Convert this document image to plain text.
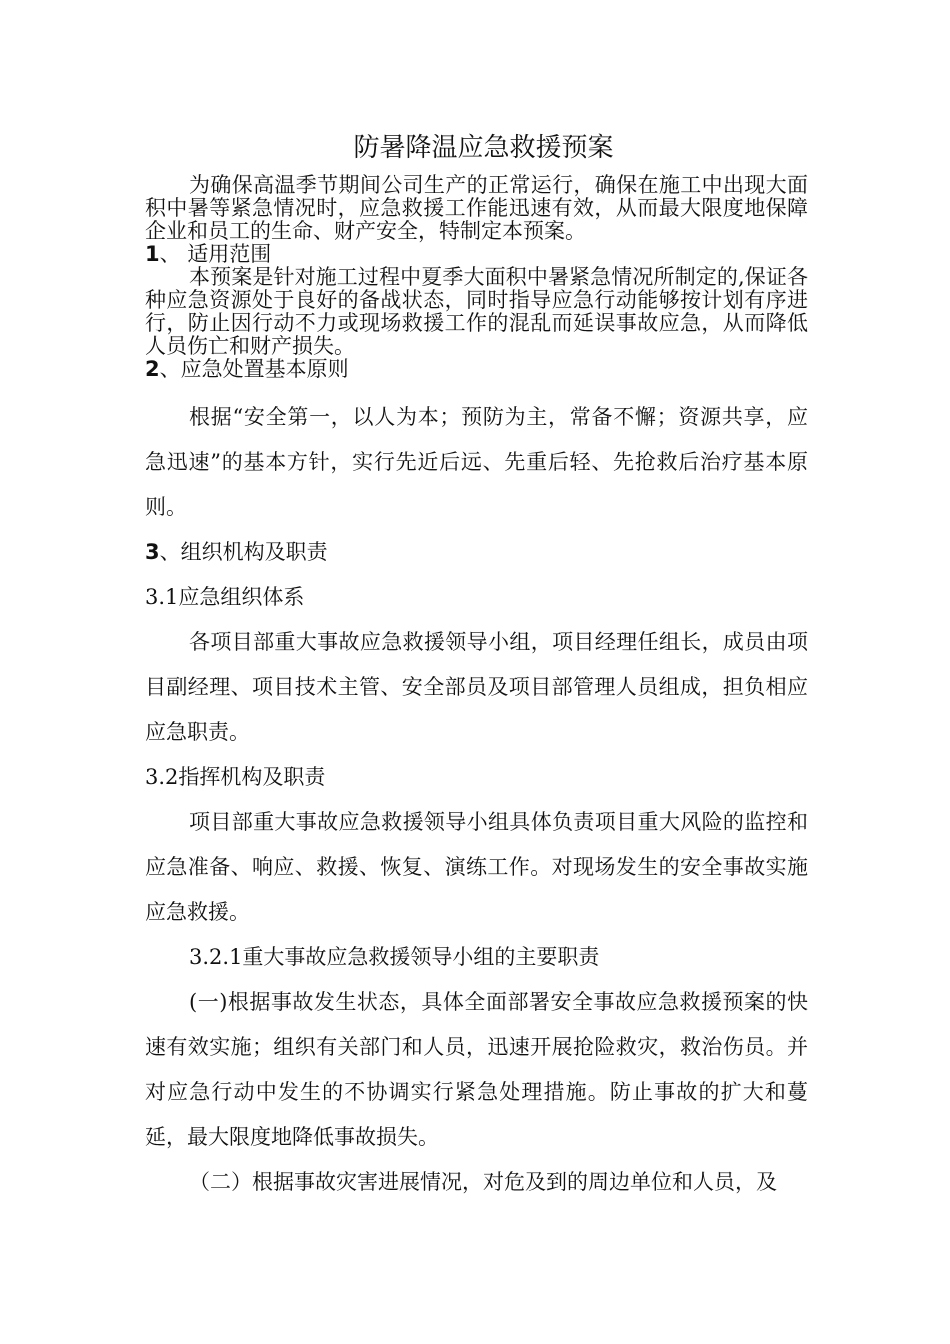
防暑降温应急救援预案

为确保高温季节期间公司生产的正常运行，确保在施工中出现大面积中暑等紧急情况时，应急救援工作能迅速有效，从而最大限度地保障企业和员工的生命、财产安全，特制定本预案。

1、 适用范围

本预案是针对施工过程中夏季大面积中暑紧急情况所制定的,保证各种应急资源处于良好的备战状态，同时指导应急行动能够按计划有序进行，防止因行动不力或现场救援工作的混乱而延误事故应急，从而降低人员伤亡和财产损失。

2、应急处置基本原则

根据“安全第一，以人为本；预防为主，常备不懈；资源共享，应急迅速”的基本方针，实行先近后远、先重后轻、先抢救后治疗基本原则。

3、组织机构及职责

3.1应急组织体系

各项目部重大事故应急救援领导小组，项目经理任组长，成员由项目副经理、项目技术主管、安全部员及项目部管理人员组成，担负相应应急职责。

3.2指挥机构及职责

项目部重大事故应急救援领导小组具体负责项目重大风险的监控和应急准备、响应、救援、恢复、演练工作。对现场发生的安全事故实施应急救援。

3.2.1重大事故应急救援领导小组的主要职责

(一)根据事故发生状态，具体全面部署安全事故应急救援预案的快速有效实施；组织有关部门和人员，迅速开展抢险救灾，救治伤员。并对应急行动中发生的不协调实行紧急处理措施。防止事故的扩大和蔓延，最大限度地降低事故损失。

（二）根据事故灾害进展情况，对危及到的周边单位和人员，及
